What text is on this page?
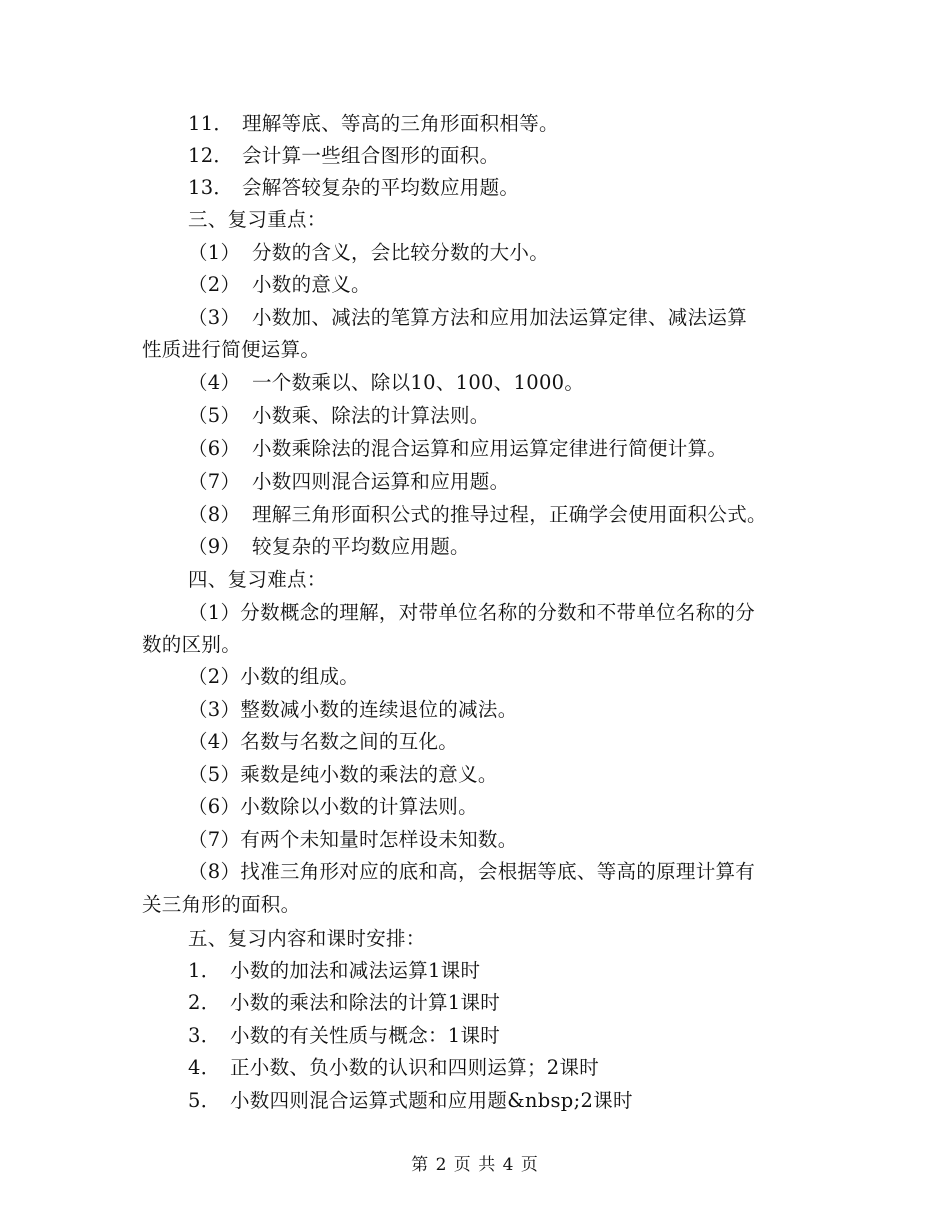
11． 理解等底、等高的三角形面积相等。
12． 会计算一些组合图形的面积。
13． 会解答较复杂的平均数应用题。
三、复习重点：
（1） 分数的含义，会比较分数的大小。
（2） 小数的意义。
（3） 小数加、减法的笔算方法和应用加法运算定律、减法运算
性质进行简便运算。
（4） 一个数乘以、除以10、100、1000。
（5） 小数乘、除法的计算法则。
（6） 小数乘除法的混合运算和应用运算定律进行简便计算。
（7） 小数四则混合运算和应用题。
（8） 理解三角形面积公式的推导过程，正确学会使用面积公式。
（9） 较复杂的平均数应用题。
四、复习难点：
（1）分数概念的理解，对带单位名称的分数和不带单位名称的分
数的区别。
（2）小数的组成。
（3）整数减小数的连续退位的减法。
（4）名数与名数之间的互化。
（5）乘数是纯小数的乘法的意义。
（6）小数除以小数的计算法则。
（7）有两个未知量时怎样设未知数。
（8）找准三角形对应的底和高，会根据等底、等高的原理计算有
关三角形的面积。
五、复习内容和课时安排：
1． 小数的加法和减法运算1课时
2． 小数的乘法和除法的计算1课时
3． 小数的有关性质与概念：1课时
4． 正小数、负小数的认识和四则运算；2课时
5． 小数四则混合运算式题和应用题&nbsp;2课时
第 2 页 共 4 页
